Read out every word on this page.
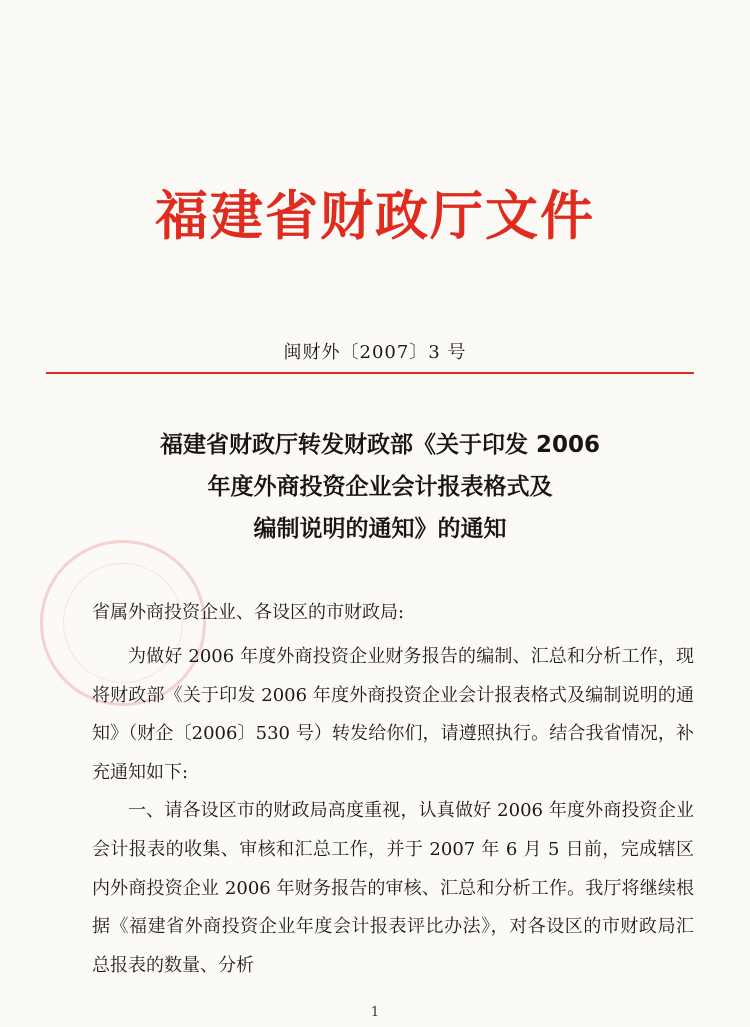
福建省财政厅文件
闽财外〔2007〕3 号
福建省财政厅转发财政部《关于印发 2006
年度外商投资企业会计报表格式及
编制说明的通知》的通知
省属外商投资企业、各设区的市财政局:

为做好 2006 年度外商投资企业财务报告的编制、汇总和分析工作，现将财政部《关于印发 2006 年度外商投资企业会计报表格式及编制说明的通知》（财企〔2006〕530 号）转发给你们，请遵照执行。结合我省情况，补充通知如下:

一、请各设区市的财政局高度重视，认真做好 2006 年度外商投资企业会计报表的收集、审核和汇总工作，并于 2007 年 6 月 5 日前，完成辖区内外商投资企业 2006 年财务报告的审核、汇总和分析工作。我厅将继续根据《福建省外商投资企业年度会计报表评比办法》，对各设区的市财政局汇总报表的数量、分析

1
